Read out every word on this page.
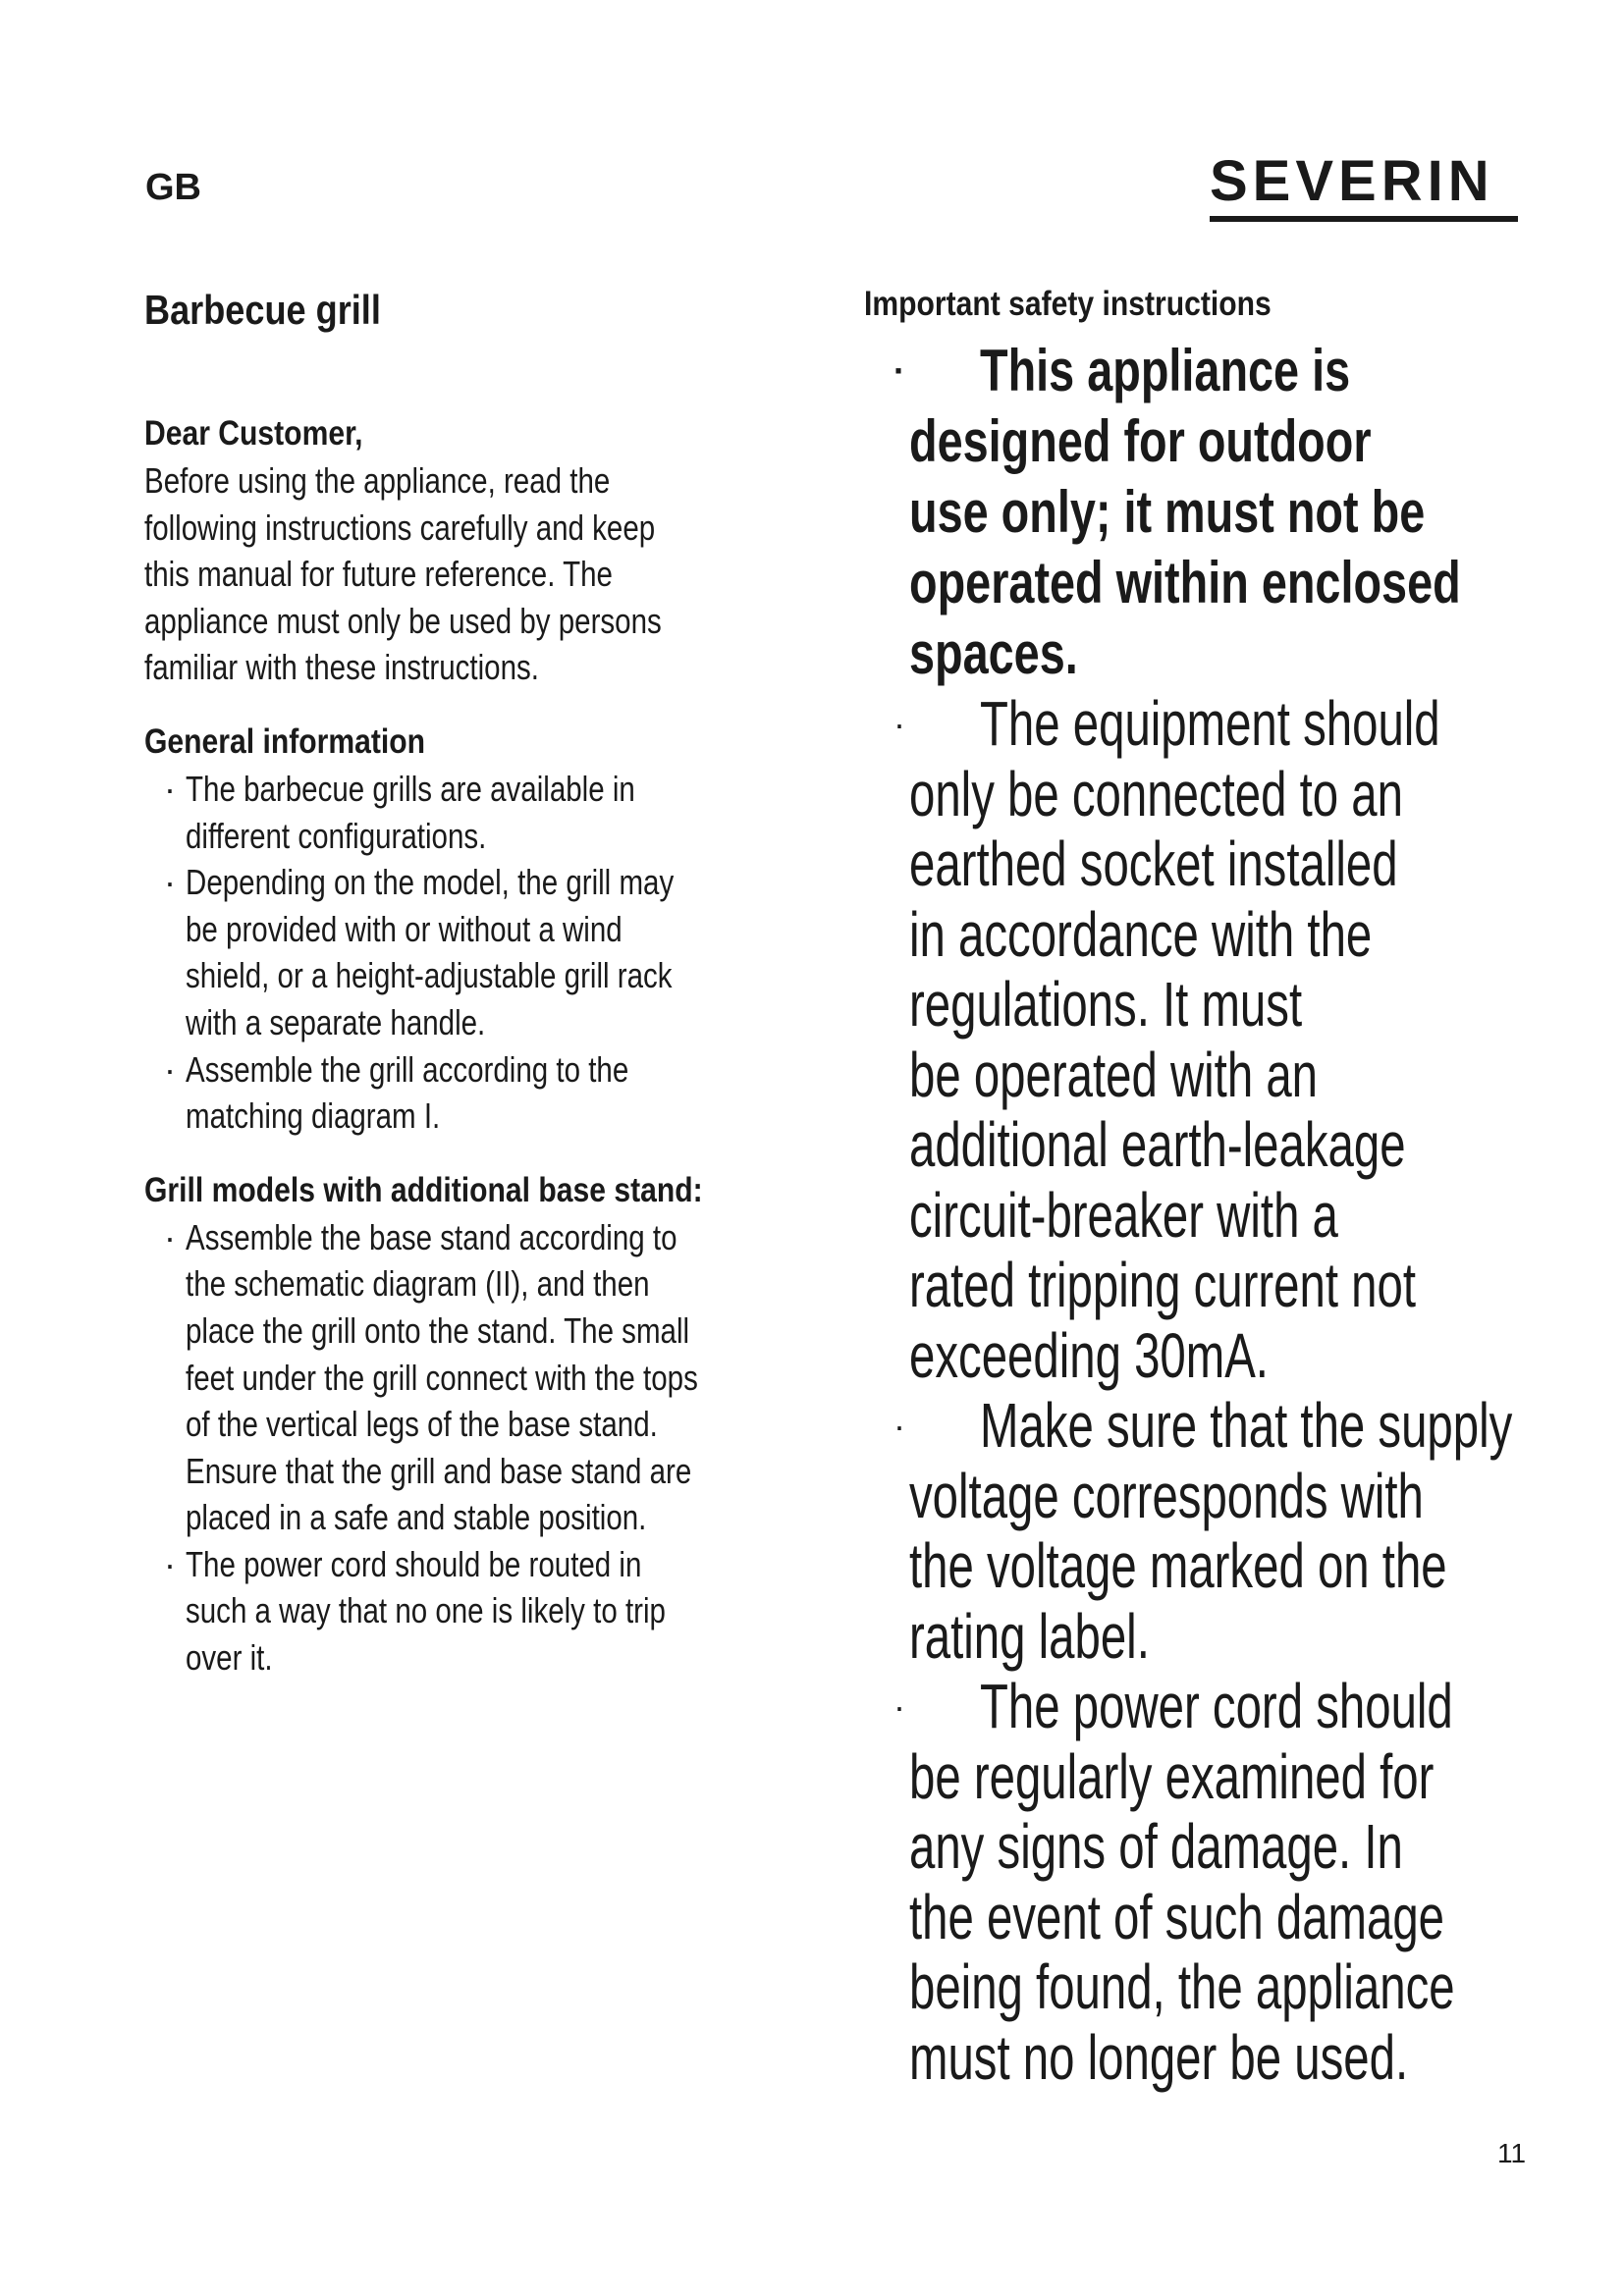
GB	SEVERIN
Barbecue grill
Dear Customer,
Before using the appliance, read the
following instructions carefully and keep
this manual for future reference. The
appliance must only be used by persons
familiar with these instructions.
General information
· The barbecue grills are available in
different configurations.
· Depending on the model, the grill may
be provided with or without a wind
shield, or a height-adjustable grill rack
with a separate handle.
· Assemble the grill according to the
matching diagram I.
Grill models with additional base stand:
· Assemble the base stand according to
the schematic diagram (II), and then
place the grill onto the stand. The small
feet under the grill connect with the tops
of the vertical legs of the base stand.
Ensure that the grill and base stand are
placed in a safe and stable position.
· The power cord should be routed in
such a way that no one is likely to trip
over it.
Important safety instructions
· This appliance is
designed for outdoor
use only; it must not be
operated within enclosed
spaces.
· The equipment should
only be connected to an
earthed socket installed
in accordance with the
regulations. It must
be operated with an
additional earth-leakage
circuit-breaker with a
rated tripping current not
exceeding 30mA.
· Make sure that the supply
voltage corresponds with
the voltage marked on the
rating label.
· The power cord should
be regularly examined for
any signs of damage. In
the event of such damage
being found, the appliance
must no longer be used.
11
